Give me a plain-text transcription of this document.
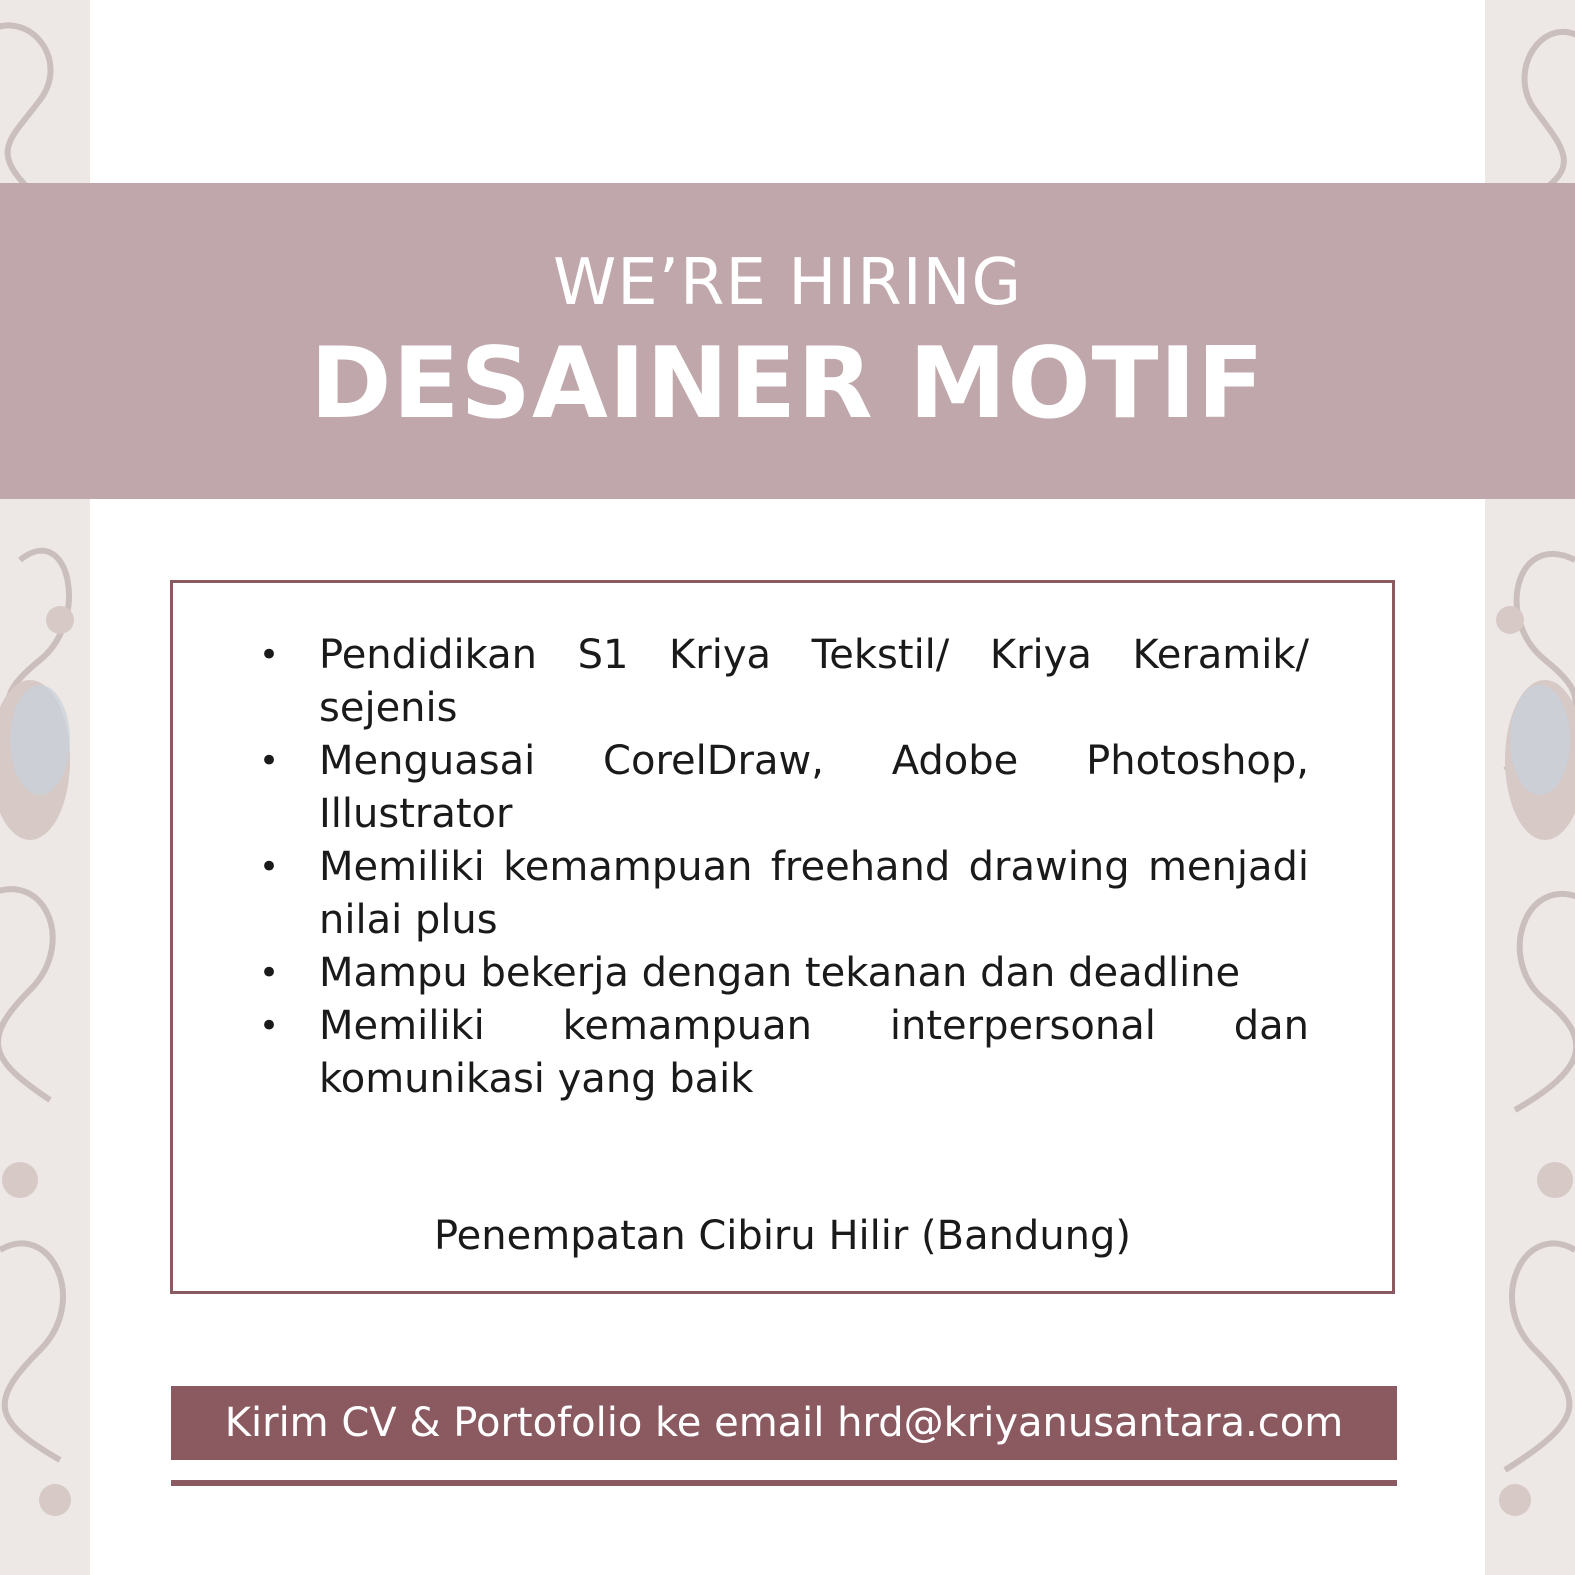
WE’RE HIRING
DESAINER MOTIF
• Pendidikan S1 Kriya Tekstil/ Kriya Keramik/ sejenis
• Menguasai CorelDraw, Adobe Photoshop, Illustrator
• Memiliki kemampuan freehand drawing menjadi nilai plus
• Mampu bekerja dengan tekanan dan deadline
• Memiliki kemampuan interpersonal dan komunikasi yang baik
Penempatan Cibiru Hilir (Bandung)
Kirim CV & Portofolio ke email hrd@kriyanusantara.com
